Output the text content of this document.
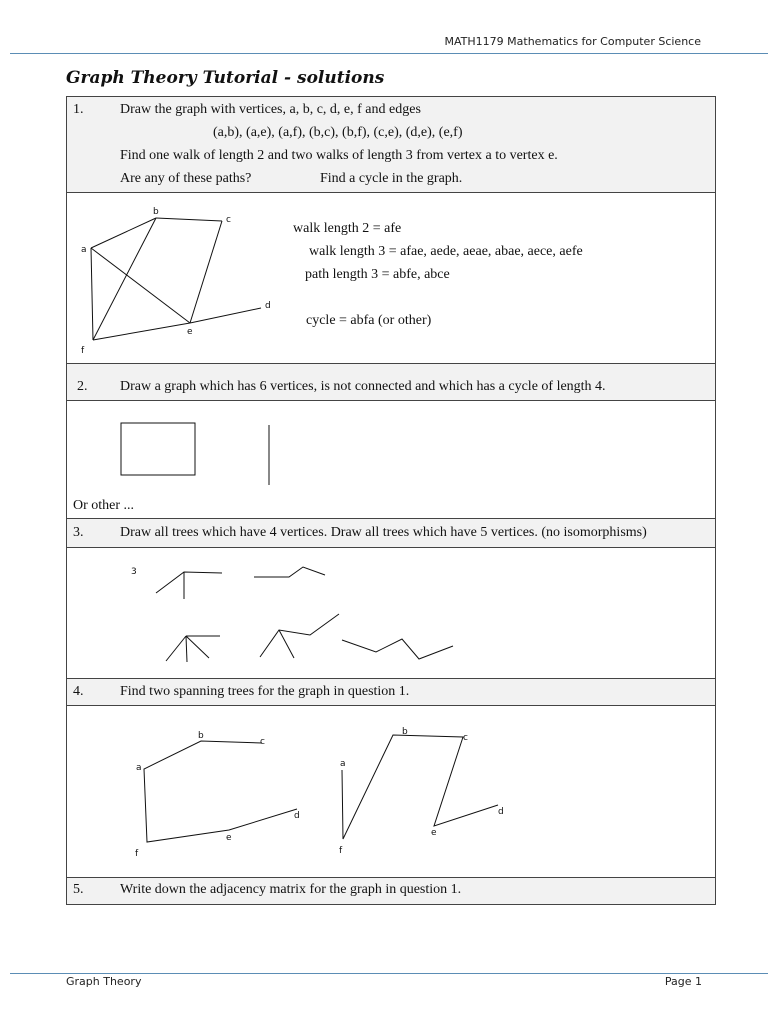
MATH1179 Mathematics for Computer Science
Graph Theory Tutorial - solutions
1.	Draw the graph with vertices, a, b, c, d, e, f and edges
(a,b), (a,e), (a,f), (b,c), (b,f), (c,e), (d,e), (e,f)
Find one walk of length 2 and two walks of length 3 from vertex a to vertex e.
Are any of these paths?	Find a cycle in the graph.
a
b
c
d
e
f
walk length 2 = afe
walk length 3 = afae, aede, aeae, abae, aece, aefe
path length 3 = abfe, abce
cycle = abfa (or other)
2. Draw a graph which has 6 vertices, is not connected and which has a cycle of length 4.
Or other ...
3.	Draw all trees which have 4 vertices. Draw all trees which have 5 vertices. (no isomorphisms)
3
4.	Find two spanning trees for the graph in question 1.
a
b
c
d
e
f
a
b
c
d
e
f
5.	Write down the adjacency matrix for the graph in question 1.
Graph Theory	Page 1
